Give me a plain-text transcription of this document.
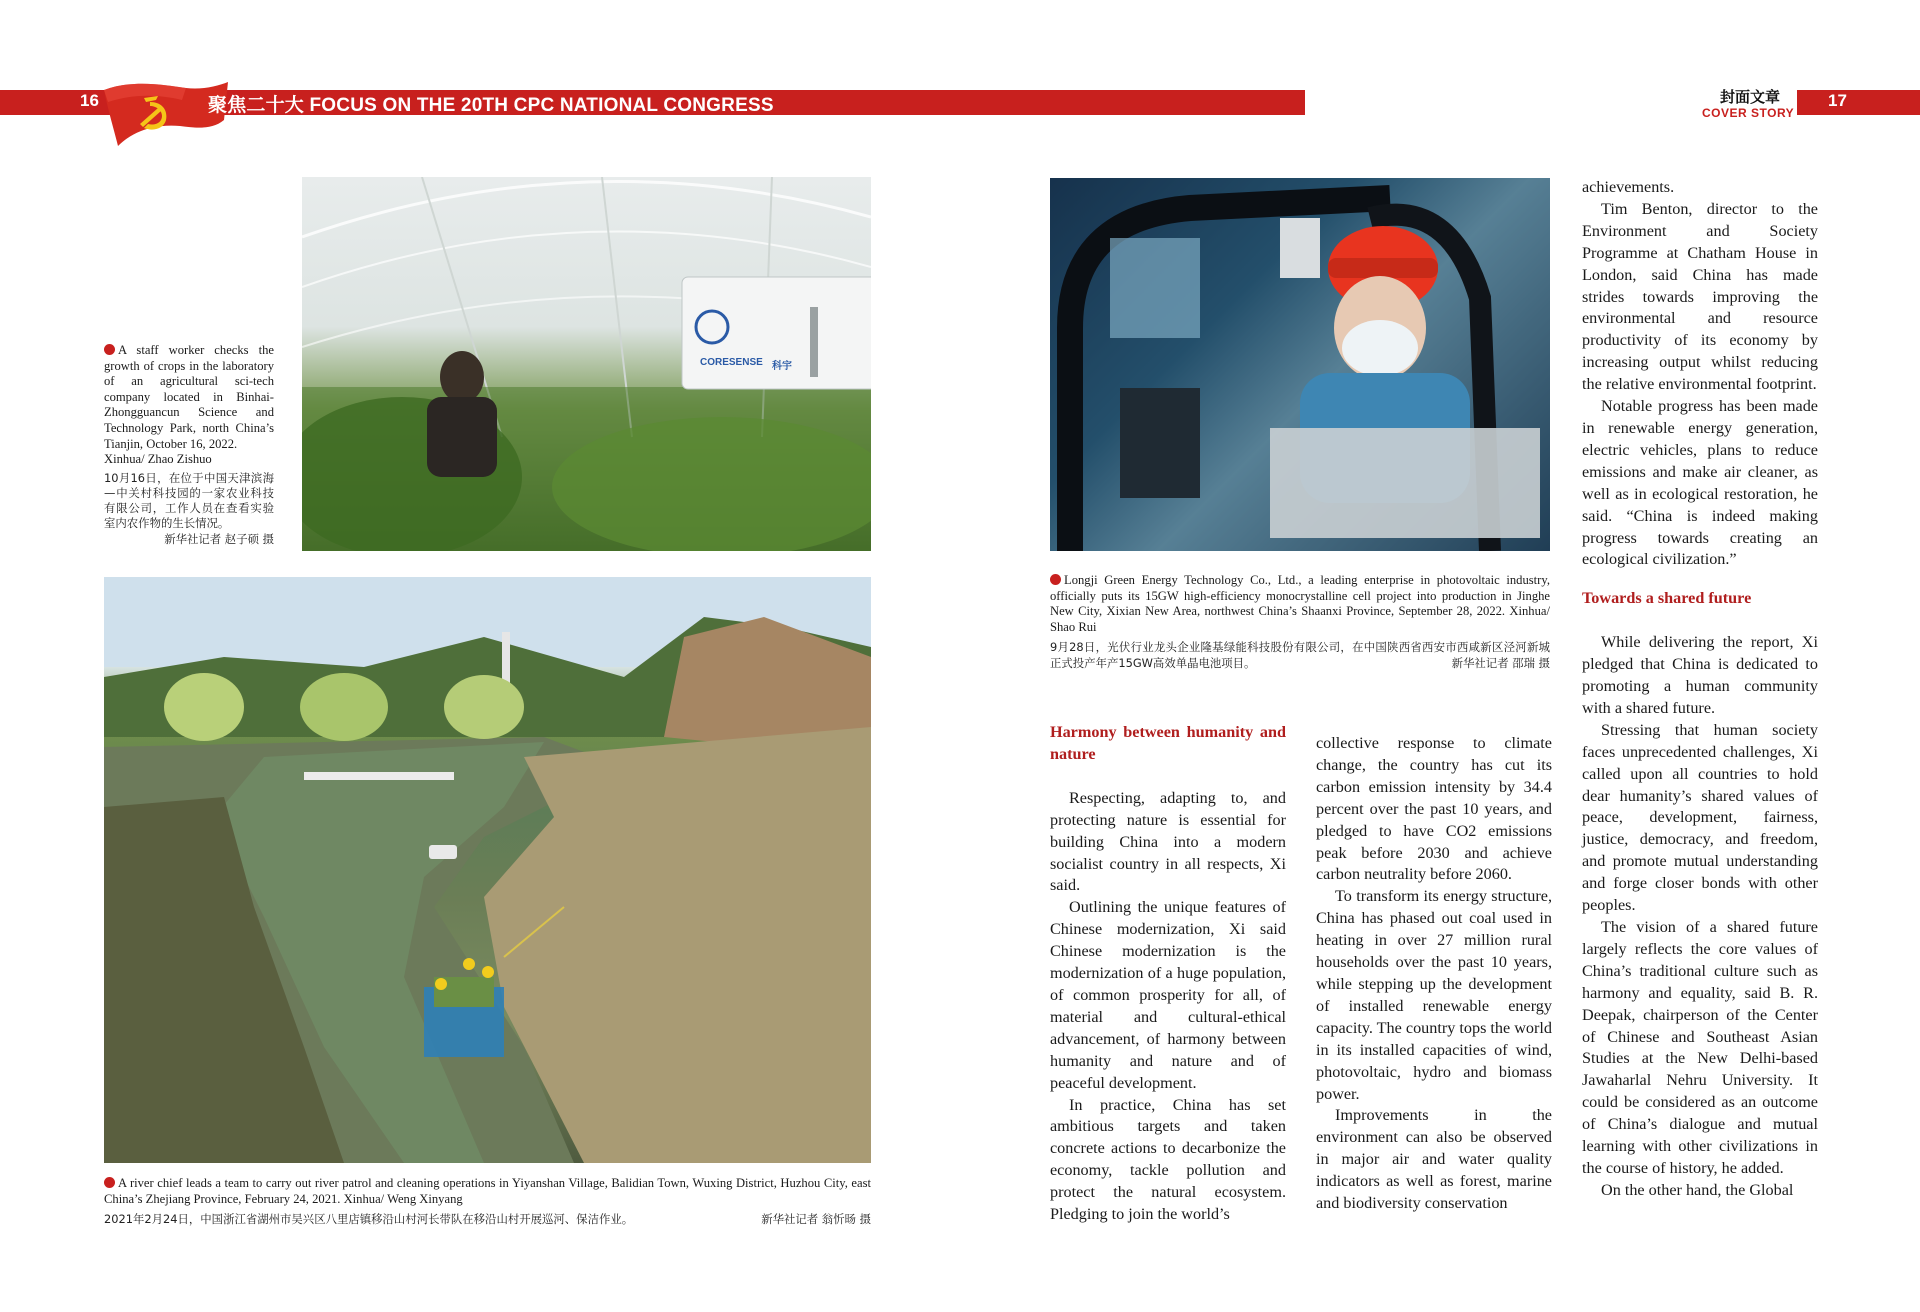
16	17
聚焦二十大 FOCUS ON THE 20TH CPC NATIONAL CONGRESS	封面文章
COVER STORY
CORESENSE 科宇
A staff worker checks the growth of crops in the laboratory of an agricultural sci-tech company located in Binhai-Zhongguancun Science and Technology Park, north China’s Tianjin, October 16, 2022.
Xinhua/ Zhao Zishuo
10月16日，在位于中国天津滨海—中关村科技园的一家农业科技有限公司，工作人员在查看实验室内农作物的生长情况。
新华社记者 赵子硕 摄
Longji Green Energy Technology Co., Ltd., a leading enterprise in photovoltaic industry, officially puts its 15GW high-efficiency monocrystalline cell project into production in Jinghe New City, Xixian New Area, northwest China’s Shaanxi Province, September 28, 2022. Xinhua/ Shao Rui
9月28日，光伏行业龙头企业隆基绿能科技股份有限公司，在中国陕西省西安市西咸新区泾河新城正式投产年产15GW高效单晶电池项目。	新华社记者 邵瑞 摄
A river chief leads a team to carry out river patrol and cleaning operations in Yiyanshan Village, Balidian Town, Wuxing District, Huzhou City, east China’s Zhejiang Province, February 24, 2021. Xinhua/ Weng Xinyang
2021年2月24日，中国浙江省湖州市吴兴区八里店镇移沿山村河长带队在移沿山村开展巡河、保洁作业。	新华社记者 翁忻旸 摄
Harmony between humanity and nature

Respecting, adapting to, and protecting nature is essential for building China into a modern socialist country in all respects, Xi said.

Outlining the unique features of Chinese modernization, Xi said Chinese modernization is the modernization of a huge population, of common prosperity for all, of material and cultural-ethical advancement, of harmony between humanity and nature and of peaceful development.

In practice, China has set ambitious targets and taken concrete actions to decarbonize the economy, tackle pollution and protect the natural ecosystem. Pledging to join the world’s

collective response to climate change, the country has cut its carbon emission intensity by 34.4 percent over the past 10 years, and pledged to have CO2 emissions peak before 2030 and achieve carbon neutrality before 2060.

To transform its energy structure, China has phased out coal used in heating in over 27 million rural households over the past 10 years, while stepping up the development of installed renewable energy capacity. The country tops the world in its installed capacities of wind, photovoltaic, hydro and biomass power.

Improvements in the environment can also be observed in major air and water quality indicators as well as forest, marine and biodiversity conservation

achievements.

Tim Benton, director to the Environment and Society Programme at Chatham House in London, said China has made strides towards improving the environmental and resource productivity of its economy by increasing output whilst reducing the relative environmental footprint.

Notable progress has been made in renewable energy generation, electric vehicles, plans to reduce emissions and make air cleaner, as well as in ecological restoration, he said. “China is indeed making progress towards creating an ecological civilization.”

Towards a shared future

While delivering the report, Xi pledged that China is dedicated to promoting a human community with a shared future.

Stressing that human society faces unprecedented challenges, Xi called upon all countries to hold dear humanity’s shared values of peace, development, fairness, justice, democracy, and freedom, and promote mutual understanding and forge closer bonds with other peoples.

The vision of a shared future largely reflects the core values of China’s traditional culture such as harmony and equality, said B. R. Deepak, chairperson of the Center of Chinese and Southeast Asian Studies at the New Delhi-based Jawaharlal Nehru University. It could be considered as an outcome of China’s dialogue and mutual learning with other civilizations in the course of history, he added.

On the other hand, the Global
